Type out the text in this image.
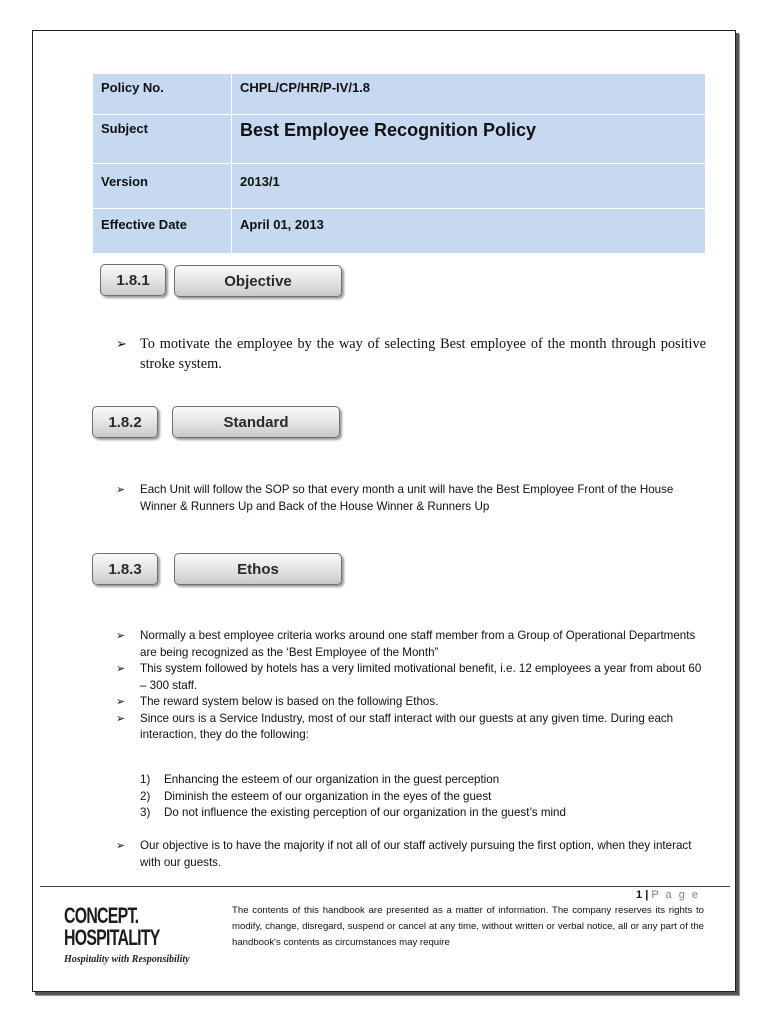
Policy No.	CHPL/CP/HR/P-IV/1.8
Subject	Best Employee Recognition Policy
Version	2013/1
Effective Date	April 01, 2013
1.8.1	Objective
➢ To motivate the employee by the way of selecting Best employee of the month through positive stroke system.
1.8.2	Standard
➢ Each Unit will follow the SOP so that every month a unit will have the Best Employee Front of the House Winner & Runners Up and Back of the House Winner & Runners Up
1.8.3	Ethos
➢ Normally a best employee criteria works around one staff member from a Group of Operational Departments are being recognized as the ‘Best Employee of the Month”
➢ This system followed by hotels has a very limited motivational benefit, i.e. 12 employees a year from about 60 – 300 staff.
➢ The reward system below is based on the following Ethos.
➢ Since ours is a Service Industry, most of our staff interact with our guests at any given time. During each interaction, they do the following:
1) Enhancing the esteem of our organization in the guest perception
2) Diminish the esteem of our organization in the eyes of the guest
3) Do not influence the existing perception of our organization in the guest’s mind
➢ Our objective is to have the majority if not all of our staff actively pursuing the first option, when they interact with our guests.
1 | P a g e
CONCEPT.
HOSPITALITY
Hospitality with Responsibility
The contents of this handbook are presented as a matter of information. The company reserves its rights to modify, change, disregard, suspend or cancel at any time, without written or verbal notice, all or any part of the handbook's contents as circumstances may require
